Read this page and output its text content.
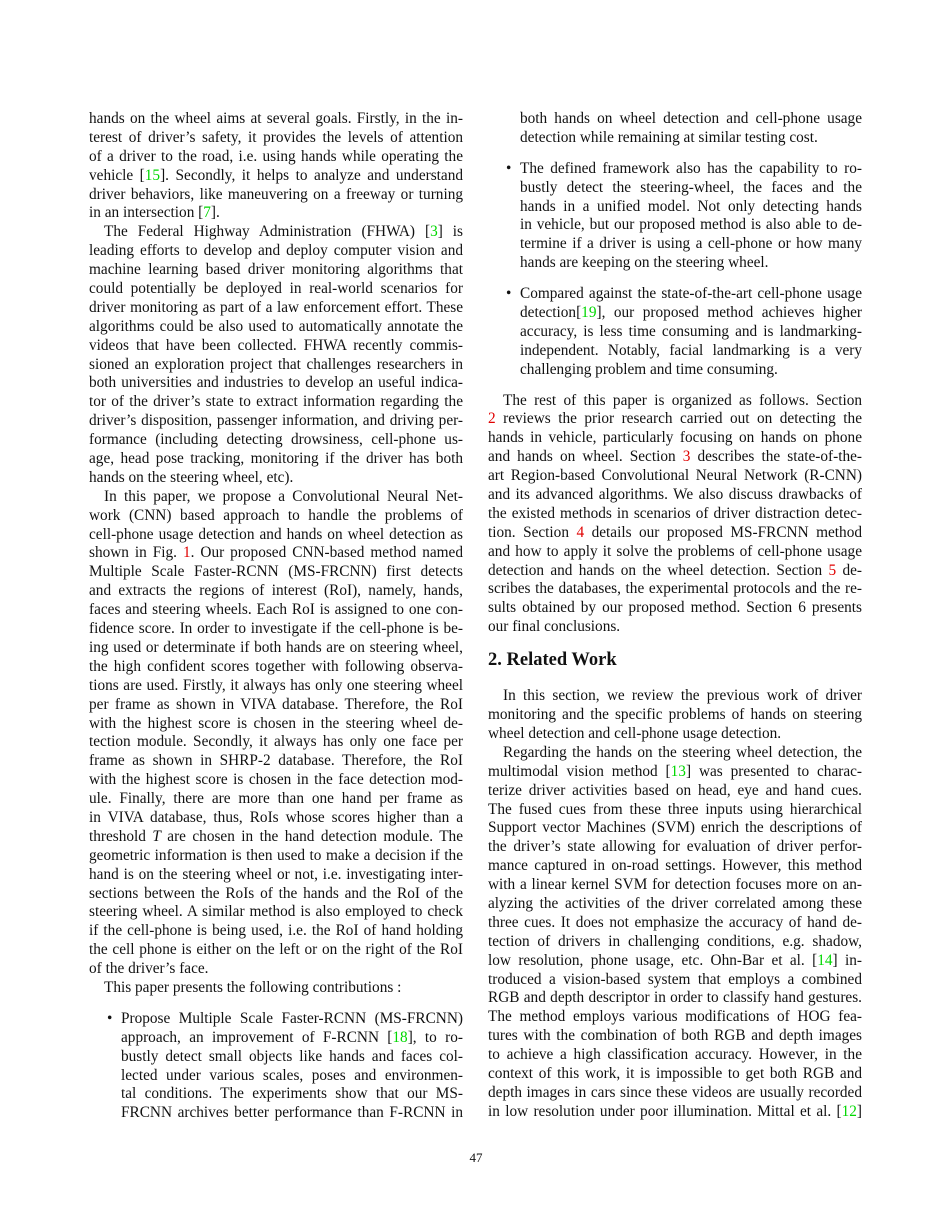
hands on the wheel aims at several goals. Firstly, in the in-
terest of driver’s safety, it provides the levels of attention
of a driver to the road, i.e. using hands while operating the
vehicle [15]. Secondly, it helps to analyze and understand
driver behaviors, like maneuvering on a freeway or turning
in an intersection [7].
The Federal Highway Administration (FHWA) [3] is
leading efforts to develop and deploy computer vision and
machine learning based driver monitoring algorithms that
could potentially be deployed in real-world scenarios for
driver monitoring as part of a law enforcement effort. These
algorithms could be also used to automatically annotate the
videos that have been collected. FHWA recently commis-
sioned an exploration project that challenges researchers in
both universities and industries to develop an useful indica-
tor of the driver’s state to extract information regarding the
driver’s disposition, passenger information, and driving per-
formance (including detecting drowsiness, cell-phone us-
age, head pose tracking, monitoring if the driver has both
hands on the steering wheel, etc).
In this paper, we propose a Convolutional Neural Net-
work (CNN) based approach to handle the problems of
cell-phone usage detection and hands on wheel detection as
shown in Fig. 1. Our proposed CNN-based method named
Multiple Scale Faster-RCNN (MS-FRCNN) first detects
and extracts the regions of interest (RoI), namely, hands,
faces and steering wheels. Each RoI is assigned to one con-
fidence score. In order to investigate if the cell-phone is be-
ing used or determinate if both hands are on steering wheel,
the high confident scores together with following observa-
tions are used. Firstly, it always has only one steering wheel
per frame as shown in VIVA database. Therefore, the RoI
with the highest score is chosen in the steering wheel de-
tection module. Secondly, it always has only one face per
frame as shown in SHRP-2 database. Therefore, the RoI
with the highest score is chosen in the face detection mod-
ule. Finally, there are more than one hand per frame as
in VIVA database, thus, RoIs whose scores higher than a
threshold T are chosen in the hand detection module. The
geometric information is then used to make a decision if the
hand is on the steering wheel or not, i.e. investigating inter-
sections between the RoIs of the hands and the RoI of the
steering wheel. A similar method is also employed to check
if the cell-phone is being used, i.e. the RoI of hand holding
the cell phone is either on the left or on the right of the RoI
of the driver’s face.
This paper presents the following contributions :
• Propose Multiple Scale Faster-RCNN (MS-FRCNN)
approach, an improvement of F-RCNN [18], to ro-
bustly detect small objects like hands and faces col-
lected under various scales, poses and environmen-
tal conditions. The experiments show that our MS-
FRCNN archives better performance than F-RCNN in
both hands on wheel detection and cell-phone usage
detection while remaining at similar testing cost.
• The defined framework also has the capability to ro-
bustly detect the steering-wheel, the faces and the
hands in a unified model. Not only detecting hands
in vehicle, but our proposed method is also able to de-
termine if a driver is using a cell-phone or how many
hands are keeping on the steering wheel.
• Compared against the state-of-the-art cell-phone usage
detection[19], our proposed method achieves higher
accuracy, is less time consuming and is landmarking-
independent. Notably, facial landmarking is a very
challenging problem and time consuming.
The rest of this paper is organized as follows. Section
2 reviews the prior research carried out on detecting the
hands in vehicle, particularly focusing on hands on phone
and hands on wheel. Section 3 describes the state-of-the-
art Region-based Convolutional Neural Network (R-CNN)
and its advanced algorithms. We also discuss drawbacks of
the existed methods in scenarios of driver distraction detec-
tion. Section 4 details our proposed MS-FRCNN method
and how to apply it solve the problems of cell-phone usage
detection and hands on the wheel detection. Section 5 de-
scribes the databases, the experimental protocols and the re-
sults obtained by our proposed method. Section 6 presents
our final conclusions.
2. Related Work
In this section, we review the previous work of driver
monitoring and the specific problems of hands on steering
wheel detection and cell-phone usage detection.
Regarding the hands on the steering wheel detection, the
multimodal vision method [13] was presented to charac-
terize driver activities based on head, eye and hand cues.
The fused cues from these three inputs using hierarchical
Support vector Machines (SVM) enrich the descriptions of
the driver’s state allowing for evaluation of driver perfor-
mance captured in on-road settings. However, this method
with a linear kernel SVM for detection focuses more on an-
alyzing the activities of the driver correlated among these
three cues. It does not emphasize the accuracy of hand de-
tection of drivers in challenging conditions, e.g. shadow,
low resolution, phone usage, etc. Ohn-Bar et al. [14] in-
troduced a vision-based system that employs a combined
RGB and depth descriptor in order to classify hand gestures.
The method employs various modifications of HOG fea-
tures with the combination of both RGB and depth images
to achieve a high classification accuracy. However, in the
context of this work, it is impossible to get both RGB and
depth images in cars since these videos are usually recorded
in low resolution under poor illumination. Mittal et al. [12]
47
